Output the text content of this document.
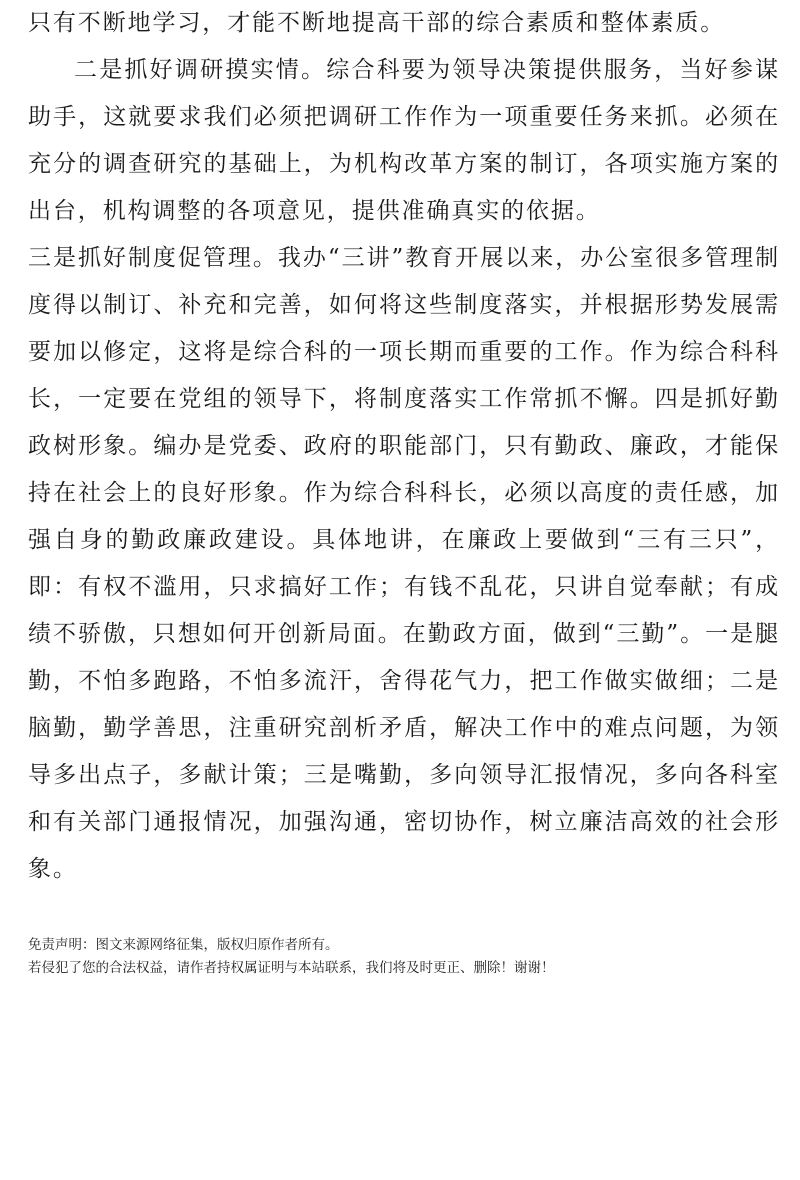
只有不断地学习，才能不断地提高干部的综合素质和整体素质。

二是抓好调研摸实情。综合科要为领导决策提供服务，当好参谋助手，这就要求我们必须把调研工作作为一项重要任务来抓。必须在充分的调查研究的基础上，为机构改革方案的制订，各项实施方案的出台，机构调整的各项意见，提供准确真实的依据。

三是抓好制度促管理。我办“三讲”教育开展以来，办公室很多管理制度得以制订、补充和完善，如何将这些制度落实，并根据形势发展需要加以修定，这将是综合科的一项长期而重要的工作。作为综合科科长，一定要在党组的领导下，将制度落实工作常抓不懈。四是抓好勤政树形象。编办是党委、政府的职能部门，只有勤政、廉政，才能保持在社会上的良好形象。作为综合科科长，必须以高度的责任感，加强自身的勤政廉政建设。具体地讲，在廉政上要做到“三有三只”，即：有权不滥用，只求搞好工作；有钱不乱花，只讲自觉奉献；有成绩不骄傲，只想如何开创新局面。在勤政方面，做到“三勤”。一是腿勤，不怕多跑路，不怕多流汗，舍得花气力，把工作做实做细；二是脑勤，勤学善思，注重研究剖析矛盾，解决工作中的难点问题，为领导多出点子，多献计策；三是嘴勤，多向领导汇报情况，多向各科室和有关部门通报情况，加强沟通，密切协作，树立廉洁高效的社会形象。

免责声明：图文来源网络征集，版权归原作者所有。
若侵犯了您的合法权益，请作者持权属证明与本站联系，我们将及时更正、删除！谢谢！
